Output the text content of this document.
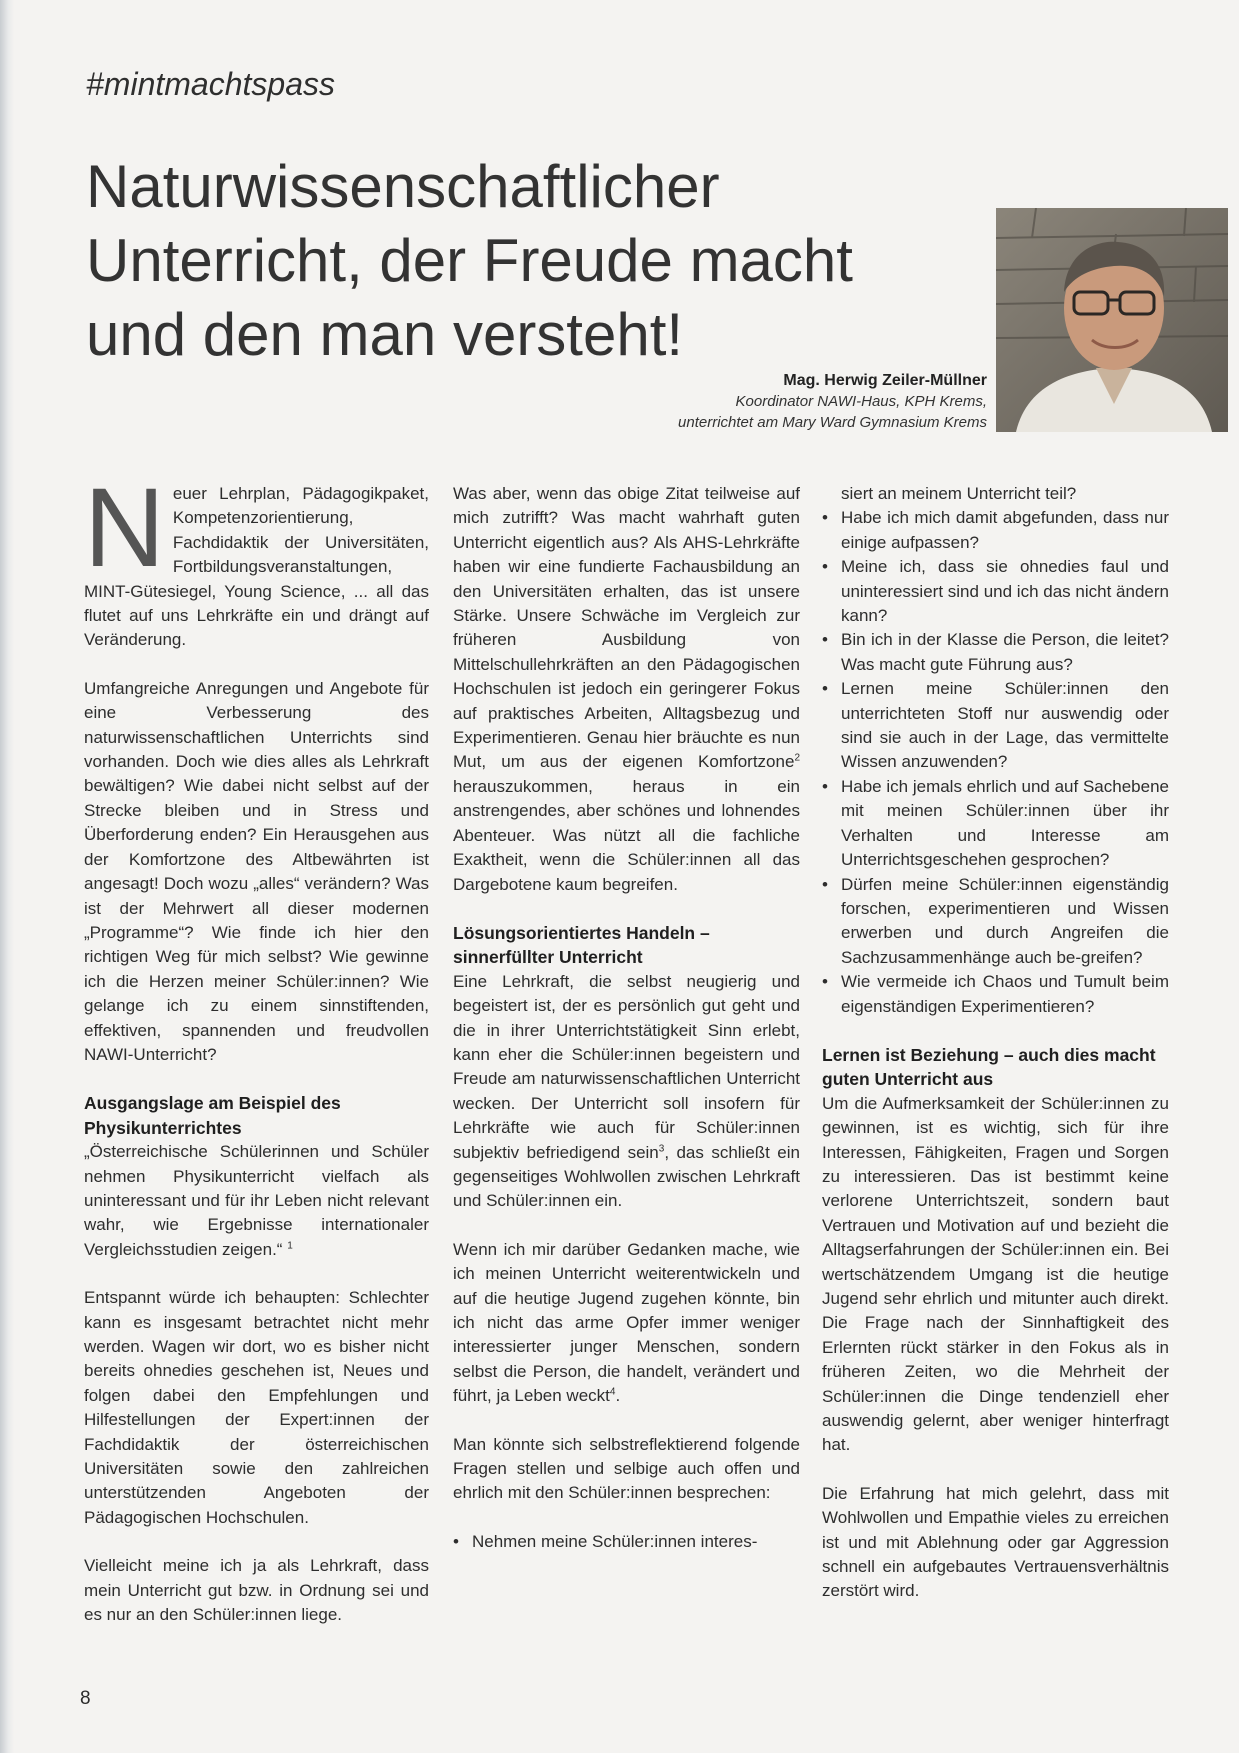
#mintmachtspass

Naturwissenschaftlicher
Unterricht, der Freude macht
und den man versteht!
Mag. Herwig Zeiler-Müllner
Koordinator NAWI-Haus, KPH Krems,
unterrichtet am Mary Ward Gymnasium Krems

Neuer Lehrplan, Pädagogikpaket, Kompetenzorientierung, Fachdidaktik der Universitäten, Fortbildungsveranstaltungen, MINT-Gütesiegel, Young Science, ... all das flutet auf uns Lehrkräfte ein und drängt auf Veränderung.

Umfangreiche Anregungen und Angebote für eine Verbesserung des naturwissenschaftlichen Unterrichts sind vorhanden. Doch wie dies alles als Lehrkraft bewältigen? Wie dabei nicht selbst auf der Strecke bleiben und in Stress und Überforderung enden? Ein Herausgehen aus der Komfortzone des Altbewährten ist angesagt! Doch wozu „alles“ verändern? Was ist der Mehrwert all dieser modernen „Programme“? Wie finde ich hier den richtigen Weg für mich selbst? Wie gewinne ich die Herzen meiner Schüler:innen? Wie gelange ich zu einem sinnstiftenden, effektiven, spannenden und freudvollen NAWI-Unterricht?

Ausgangslage am Beispiel des Physikunterrichtes

„Österreichische Schülerinnen und Schüler nehmen Physikunterricht vielfach als uninteressant und für ihr Leben nicht relevant wahr, wie Ergebnisse internationaler Vergleichsstudien zeigen.“ $^1$

Entspannt würde ich behaupten: Schlechter kann es insgesamt betrachtet nicht mehr werden. Wagen wir dort, wo es bisher nicht bereits ohnedies geschehen ist, Neues und folgen dabei den Empfehlungen und Hilfestellungen der Expert:innen der Fachdidaktik der österreichischen Universitäten sowie den zahlreichen unterstützenden Angeboten der Pädagogischen Hochschulen.

Vielleicht meine ich ja als Lehrkraft, dass mein Unterricht gut bzw. in Ordnung sei und es nur an den Schüler:innen liege.

Was aber, wenn das obige Zitat teilweise auf mich zutrifft? Was macht wahrhaft guten Unterricht eigentlich aus? Als AHS-Lehrkräfte haben wir eine fundierte Fachausbildung an den Universitäten erhalten, das ist unsere Stärke. Unsere Schwäche im Vergleich zur früheren Ausbildung von Mittelschullehrkräften an den Pädagogischen Hochschulen ist jedoch ein geringerer Fokus auf praktisches Arbeiten, Alltagsbezug und Experimentieren. Genau hier bräuchte es nun Mut, um aus der eigenen Komfortzone$^2$ herauszukommen, heraus in ein anstrengendes, aber schönes und lohnendes Abenteuer. Was nützt all die fachliche Exaktheit, wenn die Schüler:innen all das Dargebotene kaum begreifen.

Lösungsorientiertes Handeln – sinnerfüllter Unterricht

Eine Lehrkraft, die selbst neugierig und begeistert ist, der es persönlich gut geht und die in ihrer Unterrichtstätigkeit Sinn erlebt, kann eher die Schüler:innen begeistern und Freude am naturwissenschaftlichen Unterricht wecken. Der Unterricht soll insofern für Lehrkräfte wie auch für Schüler:innen subjektiv befriedigend sein$^3$, das schließt ein gegenseitiges Wohlwollen zwischen Lehrkraft und Schüler:innen ein.

Wenn ich mir darüber Gedanken mache, wie ich meinen Unterricht weiterentwickeln und auf die heutige Jugend zugehen könnte, bin ich nicht das arme Opfer immer weniger interessierter junger Menschen, sondern selbst die Person, die handelt, verändert und führt, ja Leben weckt$^4$.

Man könnte sich selbstreflektierend folgende Fragen stellen und selbige auch offen und ehrlich mit den Schüler:innen besprechen:

• Nehmen meine Schüler:innen interes-
siert an meinem Unterricht teil?
• Habe ich mich damit abgefunden, dass nur einige aufpassen?
• Meine ich, dass sie ohnedies faul und uninteressiert sind und ich das nicht ändern kann?
• Bin ich in der Klasse die Person, die leitet? Was macht gute Führung aus?
• Lernen meine Schüler:innen den unterrichteten Stoff nur auswendig oder sind sie auch in der Lage, das vermittelte Wissen anzuwenden?
• Habe ich jemals ehrlich und auf Sachebene mit meinen Schüler:innen über ihr Verhalten und Interesse am Unterrichtsgeschehen gesprochen?
• Dürfen meine Schüler:innen eigenständig forschen, experimentieren und Wissen erwerben und durch Angreifen die Sachzusammenhänge auch be-greifen?
• Wie vermeide ich Chaos und Tumult beim eigenständigen Experimentieren?
Lernen ist Beziehung – auch dies macht guten Unterricht aus

Um die Aufmerksamkeit der Schüler:innen zu gewinnen, ist es wichtig, sich für ihre Interessen, Fähigkeiten, Fragen und Sorgen zu interessieren. Das ist bestimmt keine verlorene Unterrichtszeit, sondern baut Vertrauen und Motivation auf und bezieht die Alltagserfahrungen der Schüler:innen ein. Bei wertschätzendem Umgang ist die heutige Jugend sehr ehrlich und mitunter auch direkt. Die Frage nach der Sinnhaftigkeit des Erlernten rückt stärker in den Fokus als in früheren Zeiten, wo die Mehrheit der Schüler:innen die Dinge tendenziell eher auswendig gelernt, aber weniger hinterfragt hat.

Die Erfahrung hat mich gelehrt, dass mit Wohlwollen und Empathie vieles zu erreichen ist und mit Ablehnung oder gar Aggression schnell ein aufgebautes Vertrauensverhältnis zerstört wird.

8
